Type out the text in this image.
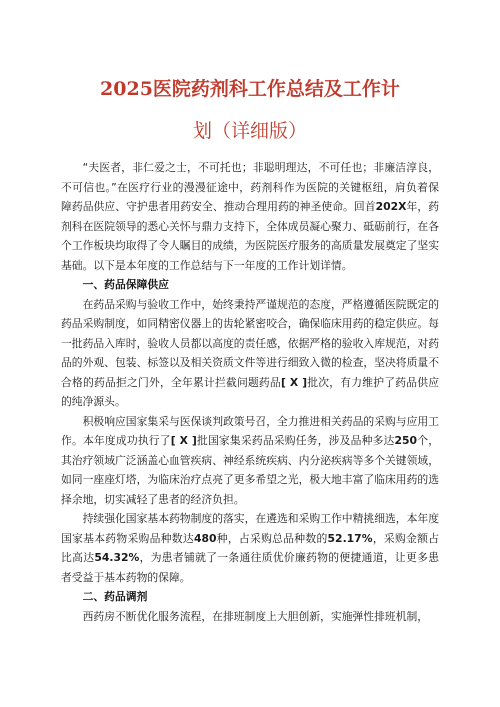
2025医院药剂科工作总结及工作计
划（详细版）

“夫医者，非仁爱之士，不可托也；非聪明理达，不可任也；非廉洁淳良，不可信也。”在医疗行业的漫漫征途中，药剂科作为医院的关键枢纽，肩负着保障药品供应、守护患者用药安全、推动合理用药的神圣使命。回首202X年，药剂科在医院领导的悉心关怀与鼎力支持下，全体成员凝心聚力、砥砺前行，在各个工作板块均取得了令人瞩目的成绩，为医院医疗服务的高质量发展奠定了坚实基础。以下是本年度的工作总结与下一年度的工作计划详情。

一、药品保障供应

在药品采购与验收工作中，始终秉持严谨规范的态度，严格遵循医院既定的药品采购制度，如同精密仪器上的齿轮紧密咬合，确保临床用药的稳定供应。每一批药品入库时，验收人员都以高度的责任感，依据严格的验收入库规范，对药品的外观、包装、标签以及相关资质文件等进行细致入微的检查，坚决将质量不合格的药品拒之门外，全年累计拦截问题药品[ X ]批次，有力维护了药品供应的纯净源头。

积极响应国家集采与医保谈判政策号召，全力推进相关药品的采购与应用工作。本年度成功执行了[ X ]批国家集采药品采购任务，涉及品种多达250个，其治疗领域广泛涵盖心血管疾病、神经系统疾病、内分泌疾病等多个关键领域，如同一座座灯塔，为临床治疗点亮了更多希望之光，极大地丰富了临床用药的选择余地，切实减轻了患者的经济负担。

持续强化国家基本药物制度的落实，在遴选和采购工作中精挑细选，本年度国家基本药物采购品种数达480种，占采购总品种数的52.17%，采购金额占比高达54.32%，为患者铺就了一条通往质优价廉药物的便捷通道，让更多患者受益于基本药物的保障。

二、药品调剂

西药房不断优化服务流程，在排班制度上大胆创新，实施弹性排班机制，
